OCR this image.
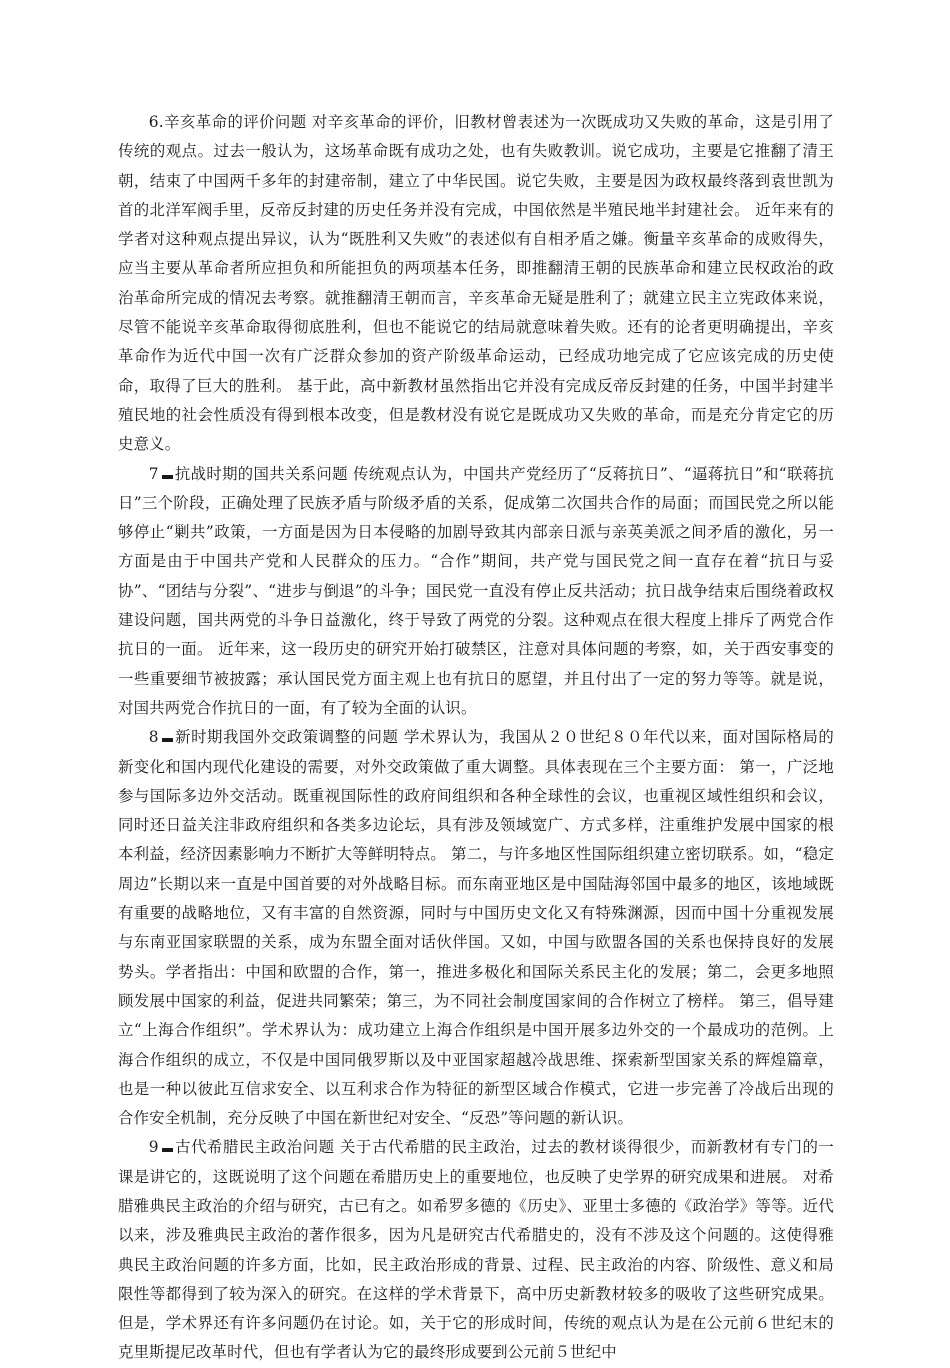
6.辛亥革命的评价问题 对辛亥革命的评价，旧教材曾表述为一次既成功又失败的革命，这是引用了传统的观点。过去一般认为，这场革命既有成功之处，也有失败教训。说它成功，主要是它推翻了清王朝，结束了中国两千多年的封建帝制，建立了中华民国。说它失败，主要是因为政权最终落到袁世凯为首的北洋军阀手里，反帝反封建的历史任务并没有完成，中国依然是半殖民地半封建社会。 近年来有的学者对这种观点提出异议，认为“既胜利又失败”的表述似有自相矛盾之嫌。衡量辛亥革命的成败得失，应当主要从革命者所应担负和所能担负的两项基本任务，即推翻清王朝的民族革命和建立民权政治的政治革命所完成的情况去考察。就推翻清王朝而言，辛亥革命无疑是胜利了；就建立民主立宪政体来说，尽管不能说辛亥革命取得彻底胜利，但也不能说它的结局就意味着失败。还有的论者更明确提出，辛亥革命作为近代中国一次有广泛群众参加的资产阶级革命运动，已经成功地完成了它应该完成的历史使命，取得了巨大的胜利。 基于此，高中新教材虽然指出它并没有完成反帝反封建的任务，中国半封建半殖民地的社会性质没有得到根本改变，但是教材没有说它是既成功又失败的革命，而是充分肯定它的历史意义。

7 抗战时期的国共关系问题 传统观点认为，中国共产党经历了“反蒋抗日”、“逼蒋抗日”和“联蒋抗日”三个阶段，正确处理了民族矛盾与阶级矛盾的关系，促成第二次国共合作的局面；而国民党之所以能够停止“剿共”政策，一方面是因为日本侵略的加剧导致其内部亲日派与亲英美派之间矛盾的激化，另一方面是由于中国共产党和人民群众的压力。“合作”期间，共产党与国民党之间一直存在着“抗日与妥协”、“团结与分裂”、“进步与倒退”的斗争；国民党一直没有停止反共活动；抗日战争结束后围绕着政权建设问题，国共两党的斗争日益激化，终于导致了两党的分裂。这种观点在很大程度上排斥了两党合作抗日的一面。 近年来，这一段历史的研究开始打破禁区，注意对具体问题的考察，如，关于西安事变的一些重要细节被披露；承认国民党方面主观上也有抗日的愿望，并且付出了一定的努力等等。就是说，对国共两党合作抗日的一面，有了较为全面的认识。

8 新时期我国外交政策调整的问题 学术界认为，我国从２０世纪８０年代以来，面对国际格局的新变化和国内现代化建设的需要，对外交政策做了重大调整。具体表现在三个主要方面： 第一，广泛地参与国际多边外交活动。既重视国际性的政府间组织和各种全球性的会议，也重视区域性组织和会议，同时还日益关注非政府组织和各类多边论坛，具有涉及领域宽广、方式多样，注重维护发展中国家的根本利益，经济因素影响力不断扩大等鲜明特点。 第二，与许多地区性国际组织建立密切联系。如，“稳定周边”长期以来一直是中国首要的对外战略目标。而东南亚地区是中国陆海邻国中最多的地区，该地域既有重要的战略地位，又有丰富的自然资源，同时与中国历史文化又有特殊渊源，因而中国十分重视发展与东南亚国家联盟的关系，成为东盟全面对话伙伴国。又如，中国与欧盟各国的关系也保持良好的发展势头。学者指出：中国和欧盟的合作，第一，推进多极化和国际关系民主化的发展；第二，会更多地照顾发展中国家的利益，促进共同繁荣；第三，为不同社会制度国家间的合作树立了榜样。 第三，倡导建立“上海合作组织”。学术界认为：成功建立上海合作组织是中国开展多边外交的一个最成功的范例。上海合作组织的成立，不仅是中国同俄罗斯以及中亚国家超越冷战思维、探索新型国家关系的辉煌篇章，也是一种以彼此互信求安全、以互利求合作为特征的新型区域合作模式，它进一步完善了冷战后出现的合作安全机制，充分反映了中国在新世纪对安全、“反恐”等问题的新认识。

9 古代希腊民主政治问题 关于古代希腊的民主政治，过去的教材谈得很少，而新教材有专门的一课是讲它的，这既说明了这个问题在希腊历史上的重要地位，也反映了史学界的研究成果和进展。 对希腊雅典民主政治的介绍与研究，古已有之。如希罗多德的《历史》、亚里士多德的《政治学》等等。近代以来，涉及雅典民主政治的著作很多，因为凡是研究古代希腊史的，没有不涉及这个问题的。这使得雅典民主政治问题的许多方面，比如，民主政治形成的背景、过程、民主政治的内容、阶级性、意义和局限性等都得到了较为深入的研究。在这样的学术背景下，高中历史新教材较多的吸收了这些研究成果。 但是，学术界还有许多问题仍在讨论。如，关于它的形成时间，传统的观点认为是在公元前６世纪末的克里斯提尼改革时代，但也有学者认为它的最终形成要到公元前５世纪中
